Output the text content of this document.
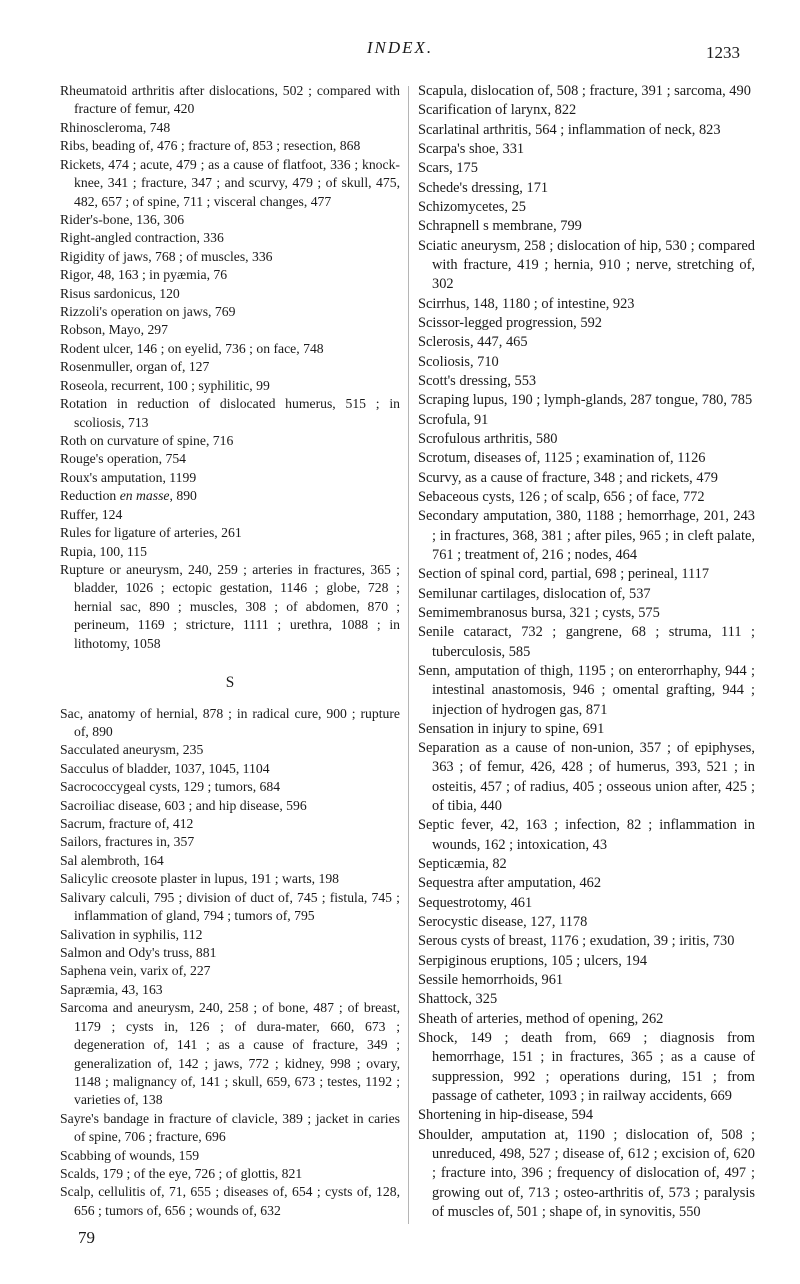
INDEX.	1233

Rheumatoid arthritis after dislocations, 502 ; compared with fracture of femur, 420

Rhinoscleroma, 748

Ribs, beading of, 476 ; fracture of, 853 ; resection, 868

Rickets, 474 ; acute, 479 ; as a cause of flatfoot, 336 ; knock-knee, 341 ; fracture, 347 ; and scurvy, 479 ; of skull, 475, 482, 657 ; of spine, 711 ; visceral changes, 477

Rider's-bone, 136, 306

Right-angled contraction, 336

Rigidity of jaws, 768 ; of muscles, 336

Rigor, 48, 163 ; in pyæmia, 76

Risus sardonicus, 120

Rizzoli's operation on jaws, 769

Robson, Mayo, 297

Rodent ulcer, 146 ; on eyelid, 736 ; on face, 748

Rosenmuller, organ of, 127

Roseola, recurrent, 100 ; syphilitic, 99

Rotation in reduction of dislocated humerus, 515 ; in scoliosis, 713

Roth on curvature of spine, 716

Rouge's operation, 754

Roux's amputation, 1199

Reduction en masse, 890

Ruffer, 124

Rules for ligature of arteries, 261

Rupia, 100, 115

Rupture or aneurysm, 240, 259 ; arteries in fractures, 365 ; bladder, 1026 ; ectopic gestation, 1146 ; globe, 728 ; hernial sac, 890 ; muscles, 308 ; of abdomen, 870 ; perineum, 1169 ; stricture, 1111 ; urethra, 1088 ; in lithotomy, 1058

S

Sac, anatomy of hernial, 878 ; in radical cure, 900 ; rupture of, 890

Sacculated aneurysm, 235

Sacculus of bladder, 1037, 1045, 1104

Sacrococcygeal cysts, 129 ; tumors, 684

Sacroiliac disease, 603 ; and hip disease, 596

Sacrum, fracture of, 412

Sailors, fractures in, 357

Sal alembroth, 164

Salicylic creosote plaster in lupus, 191 ; warts, 198

Salivary calculi, 795 ; division of duct of, 745 ; fistula, 745 ; inflammation of gland, 794 ; tumors of, 795

Salivation in syphilis, 112

Salmon and Ody's truss, 881

Saphena vein, varix of, 227

Sapræmia, 43, 163

Sarcoma and aneurysm, 240, 258 ; of bone, 487 ; of breast, 1179 ; cysts in, 126 ; of dura-mater, 660, 673 ; degeneration of, 141 ; as a cause of fracture, 349 ; generalization of, 142 ; jaws, 772 ; kidney, 998 ; ovary, 1148 ; malignancy of, 141 ; skull, 659, 673 ; testes, 1192 ; varieties of, 138

Sayre's bandage in fracture of clavicle, 389 ; jacket in caries of spine, 706 ; fracture, 696

Scabbing of wounds, 159

Scalds, 179 ; of the eye, 726 ; of glottis, 821

Scalp, cellulitis of, 71, 655 ; diseases of, 654 ; cysts of, 128, 656 ; tumors of, 656 ; wounds of, 632

Scapula, dislocation of, 508 ; fracture, 391 ; sarcoma, 490

Scarification of larynx, 822

Scarlatinal arthritis, 564 ; inflammation of neck, 823

Scarpa's shoe, 331

Scars, 175

Schede's dressing, 171

Schizomycetes, 25

Schrapnell s membrane, 799

Sciatic aneurysm, 258 ; dislocation of hip, 530 ; compared with fracture, 419 ; hernia, 910 ; nerve, stretching of, 302

Scirrhus, 148, 1180 ; of intestine, 923

Scissor-legged progression, 592

Sclerosis, 447, 465

Scoliosis, 710

Scott's dressing, 553

Scraping lupus, 190 ; lymph-glands, 287 tongue, 780, 785

Scrofula, 91

Scrofulous arthritis, 580

Scrotum, diseases of, 1125 ; examination of, 1126

Scurvy, as a cause of fracture, 348 ; and rickets, 479

Sebaceous cysts, 126 ; of scalp, 656 ; of face, 772

Secondary amputation, 380, 1188 ; hemorrhage, 201, 243 ; in fractures, 368, 381 ; after piles, 965 ; in cleft palate, 761 ; treatment of, 216 ; nodes, 464

Section of spinal cord, partial, 698 ; perineal, 1117

Semilunar cartilages, dislocation of, 537

Semimembranosus bursa, 321 ; cysts, 575

Senile cataract, 732 ; gangrene, 68 ; struma, 111 ; tuberculosis, 585

Senn, amputation of thigh, 1195 ; on enterorrhaphy, 944 ; intestinal anastomosis, 946 ; omental grafting, 944 ; injection of hydrogen gas, 871

Sensation in injury to spine, 691

Separation as a cause of non-union, 357 ; of epiphyses, 363 ; of femur, 426, 428 ; of humerus, 393, 521 ; in osteitis, 457 ; of radius, 405 ; osseous union after, 425 ; of tibia, 440

Septic fever, 42, 163 ; infection, 82 ; inflammation in wounds, 162 ; intoxication, 43

Septicæmia, 82

Sequestra after amputation, 462

Sequestrotomy, 461

Serocystic disease, 127, 1178

Serous cysts of breast, 1176 ; exudation, 39 ; iritis, 730

Serpiginous eruptions, 105 ; ulcers, 194

Sessile hemorrhoids, 961

Shattock, 325

Sheath of arteries, method of opening, 262

Shock, 149 ; death from, 669 ; diagnosis from hemorrhage, 151 ; in fractures, 365 ; as a cause of suppression, 992 ; operations during, 151 ; from passage of catheter, 1093 ; in railway accidents, 669

Shortening in hip-disease, 594

Shoulder, amputation at, 1190 ; dislocation of, 508 ; unreduced, 498, 527 ; disease of, 612 ; excision of, 620 ; fracture into, 396 ; frequency of dislocation of, 497 ; growing out of, 713 ; osteo-arthritis of, 573 ; paralysis of muscles of, 501 ; shape of, in synovitis, 550

79
